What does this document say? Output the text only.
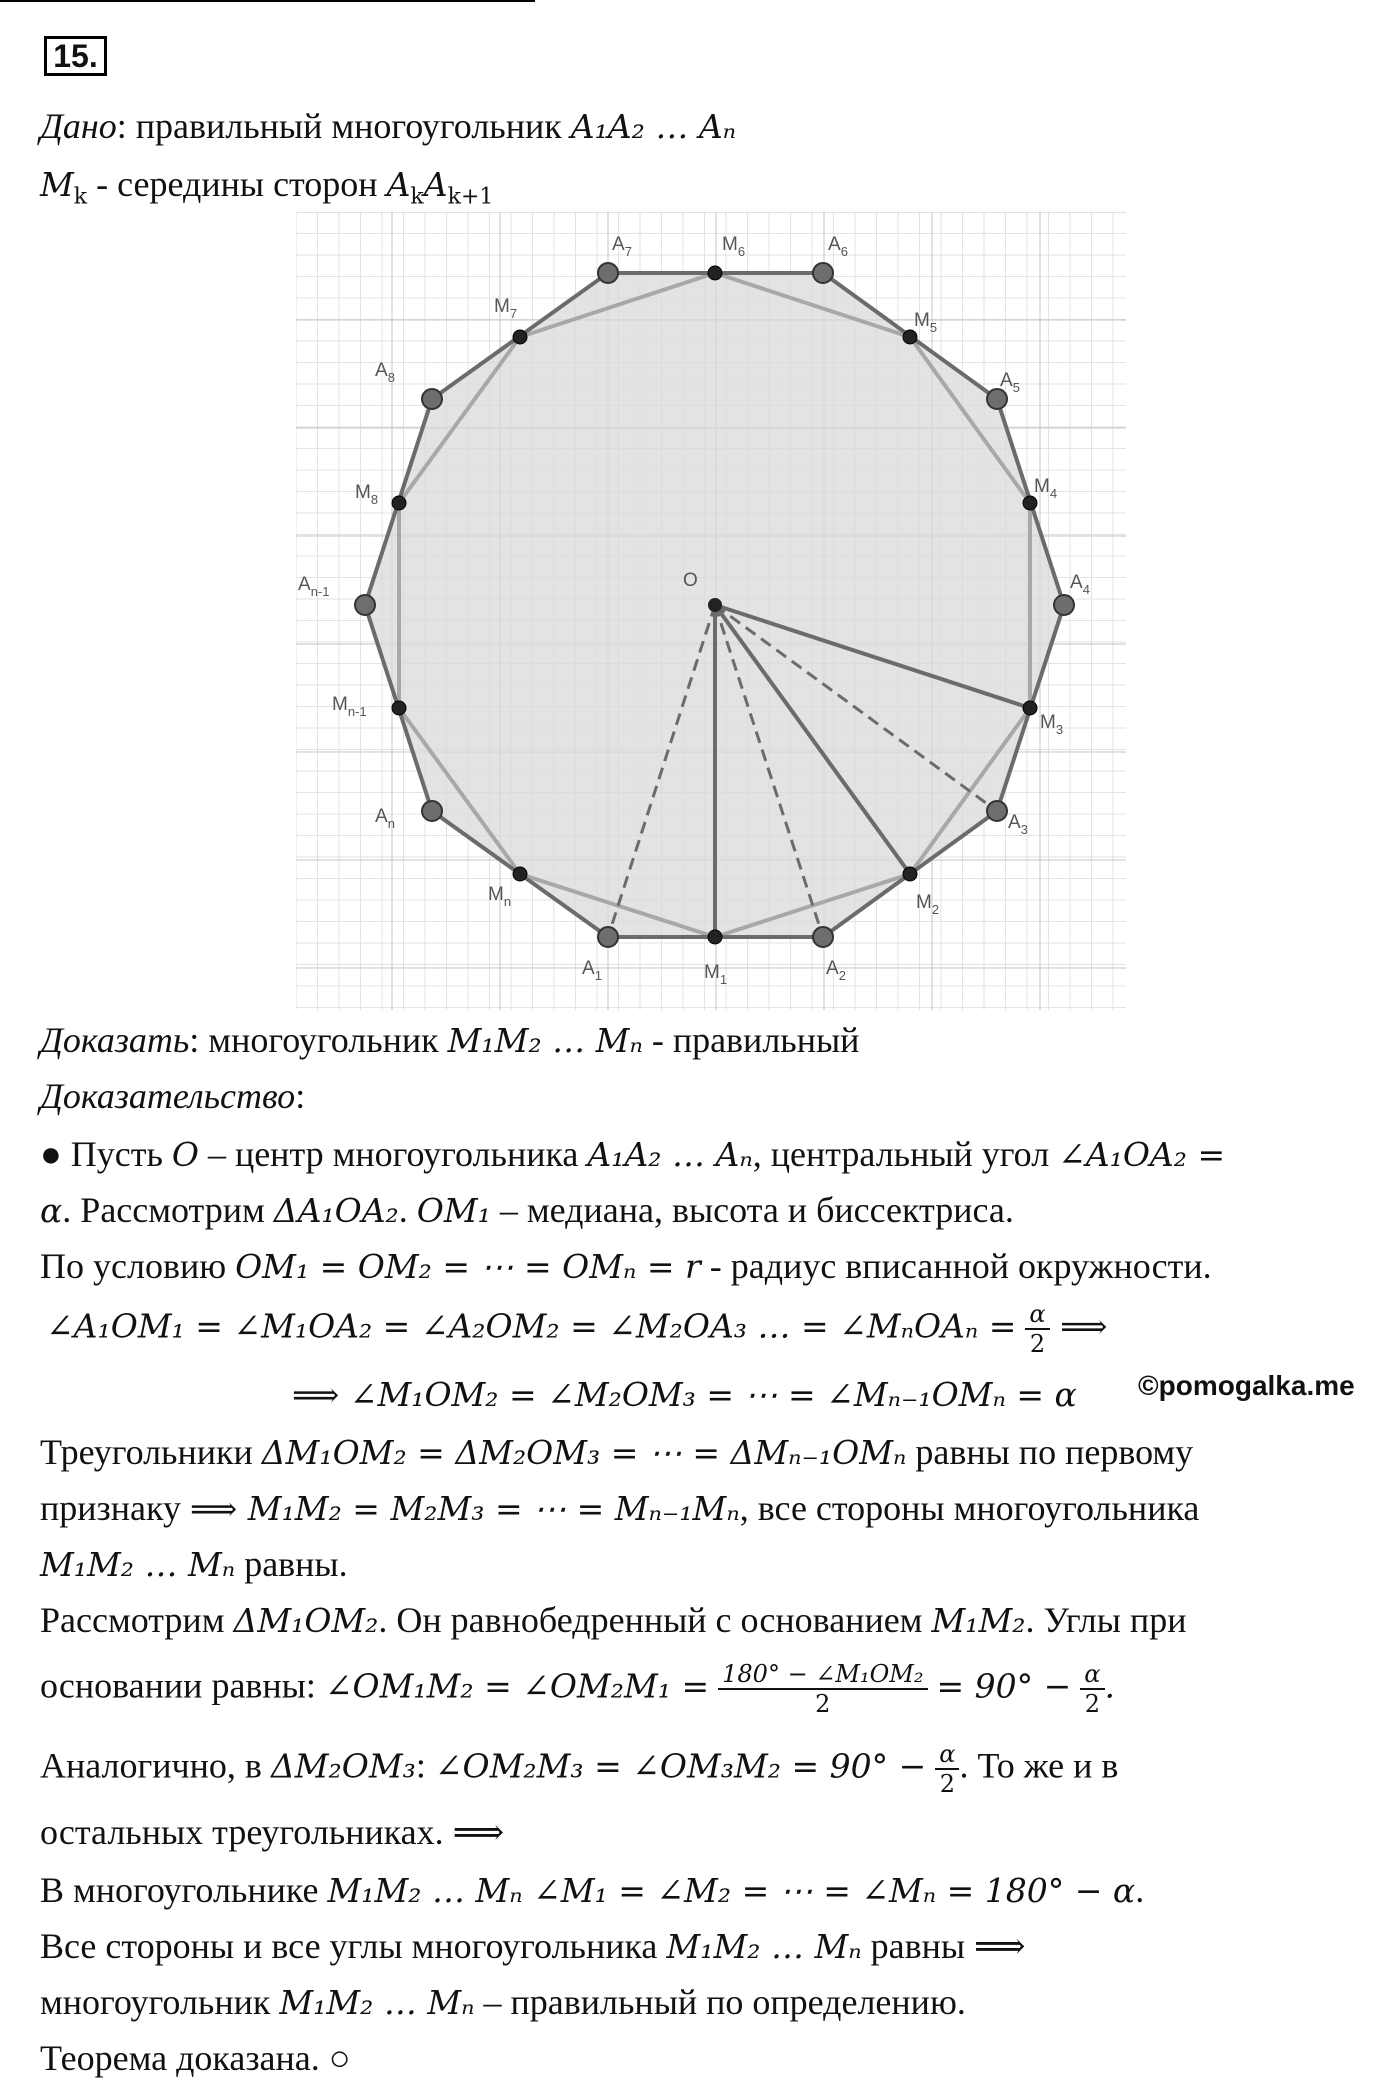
15.
Дано: правильный многоугольник A₁A₂ … Aₙ
$M_k$ - середины сторон $A_kA_{k+1}$
$A_1$	$A_2$
$A_3$
$A_4$
$A_5$
$A_6$
$A_7$
$A_8$
$A_{n-1}$
$A_n$
$M_1$
$M_2$
$M_3$
$M_4$
$M_5$
$M_6$
$M_7$
$M_8$
$M_{n-1}$
$M_n$
O
Доказать: многоугольник M₁M₂ … Mₙ - правильный
Доказательство:
● Пусть O – центр многоугольника A₁A₂ … Aₙ, центральный угол ∠A₁OA₂ =
α. Рассмотрим ΔA₁OA₂. OM₁ – медиана, высота и биссектриса.
По условию OM₁ = OM₂ = ⋯ = OMₙ = r - радиус вписанной окружности.
∠A₁OM₁ = ∠M₁OA₂ = ∠A₂OM₂ = ∠M₂OA₃ … = ∠MₙOAₙ = $\frac{\alpha}{2}$ ⟹
⟹ ∠M₁OM₂ = ∠M₂OM₃ = ⋯ = ∠Mₙ₋₁OMₙ = α ©pomogalka.me
Треугольники ΔM₁OM₂ = ΔM₂OM₃ = ⋯ = ΔMₙ₋₁OMₙ равны по первому
признаку ⟹ M₁M₂ = M₂M₃ = ⋯ = Mₙ₋₁Mₙ, все стороны многоугольника
M₁M₂ … Mₙ равны.
Рассмотрим ΔM₁OM₂. Он равнобедренный с основанием M₁M₂. Углы при
основании равны: ∠OM₁M₂ = ∠OM₂M₁ = $\frac{\text{180° − ∠M₁OM₂}}{2} = 90^\circ - \frac{\alpha}{2}$ .
Аналогично, в ΔM₂OM₃: ∠OM₂M₃ = ∠OM₃M₂ = $90^\circ - \frac{\alpha}{2}$ . То же и в
остальных треугольниках. ⟹
В многоугольнике M₁M₂ … Mₙ ∠M₁ = ∠M₂ = ⋯ = ∠Mₙ = 180° − α.
Все стороны и все углы многоугольника M₁M₂ … Mₙ равны ⟹
многоугольник M₁M₂ … Mₙ – правильный по определению.
Теорема доказана. ○
